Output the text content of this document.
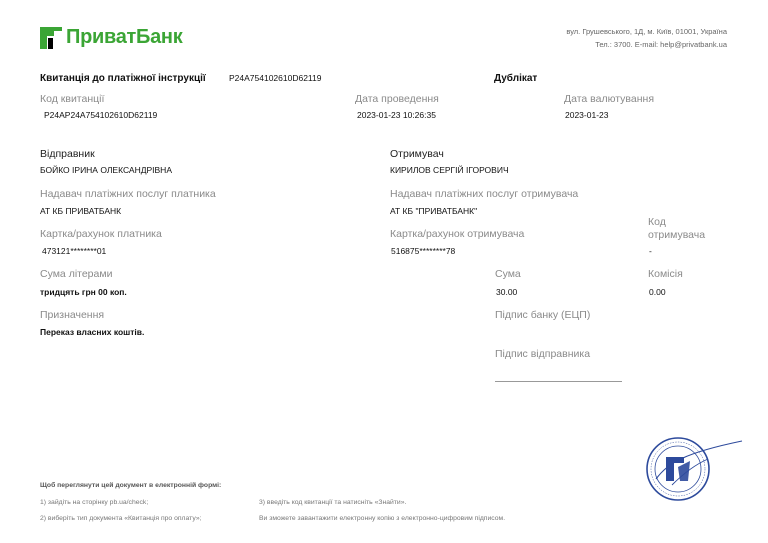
ПриватБанк	вул. Грушевського, 1Д, м. Київ, 01001, Україна
Тел.: 3700. E-mail: help@privatbank.ua
Квитанція до платіжної інструкції	P24A754102610D62119	Дублікат
Код квитанції
P24AP24A754102610D62119
Дата проведення
2023-01-23 10:26:35
Дата валютування
2023-01-23
Відправник
БОЙКО ІРИНА ОЛЕКСАНДРІВНА
Надавач платіжних послуг платника
АТ КБ ПРИВАТБАНК
Картка/рахунок платника
473121********01
Отримувач
КИРИЛОВ СЕРГІЙ ІГОРОВИЧ
Надавач платіжних послуг отримувача
АТ КБ "ПРИВАТБАНК"
Картка/рахунок отримувача
516875********78
Код
отримувача
-
Сума літерами
тридцять грн 00 коп.
Сума
30.00
Комісія
0.00
Призначення
Переказ власних коштів.
Підпис банку (ЕЦП)
Підпис відправника
Щоб переглянути цей документ в електронній формі:
1) зайдіть на сторінку pb.ua/check;
2) виберіть тип документа «Квитанція про оплату»;
3) введіть код квитанції та натисніть «Знайти».
Ви зможете завантажити електронну копію з електронно-цифровим підписом.
